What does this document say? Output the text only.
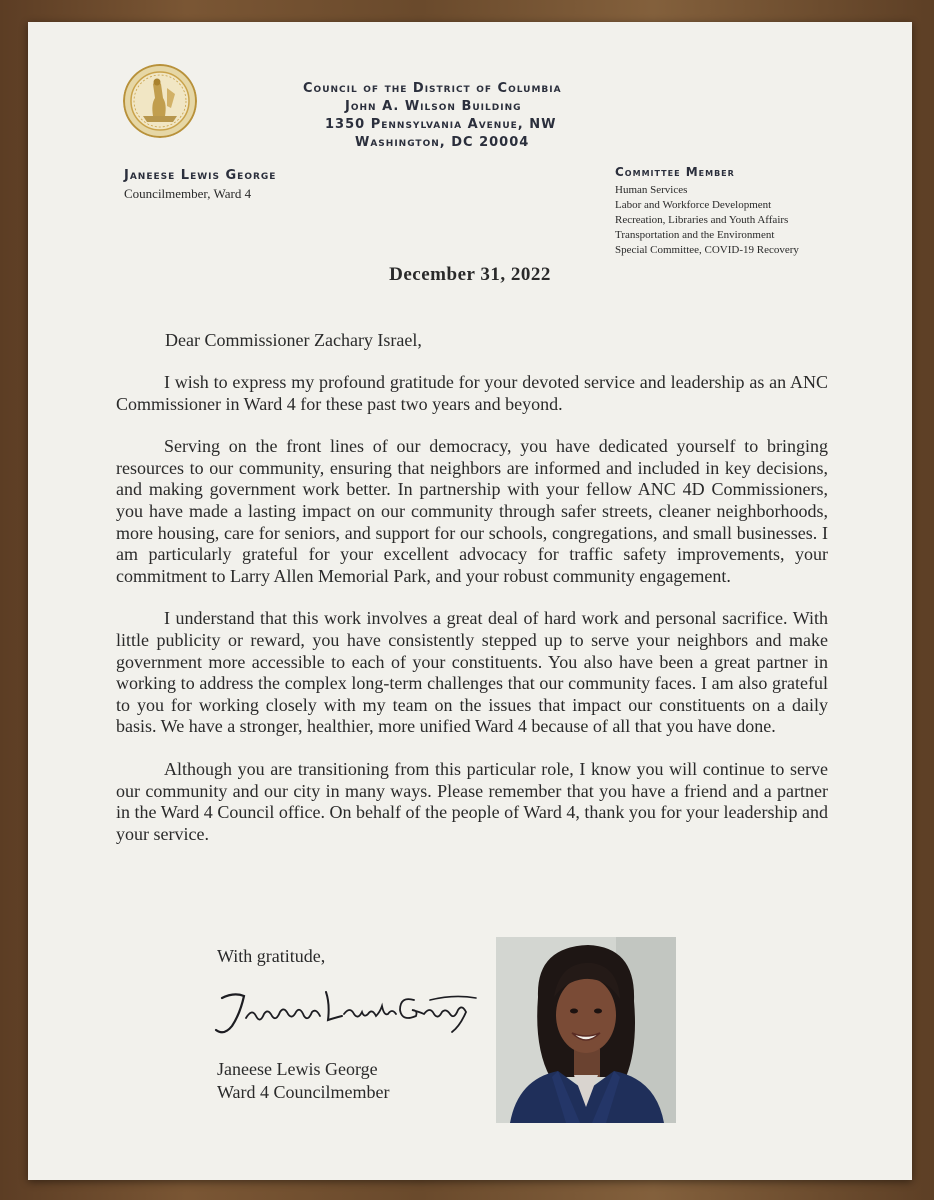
Council of the District of Columbia
John A. Wilson Building
1350 Pennsylvania Avenue, NW
Washington, DC 20004
Janeese Lewis George
Councilmember, Ward 4
Committee Member
Human Services
Labor and Workforce Development
Recreation, Libraries and Youth Affairs
Transportation and the Environment
Special Committee, COVID-19 Recovery
December 31, 2022
Dear Commissioner Zachary Israel,

I wish to express my profound gratitude for your devoted service and leadership as an ANC Commissioner in Ward 4 for these past two years and beyond.

Serving on the front lines of our democracy, you have dedicated yourself to bringing resources to our community, ensuring that neighbors are informed and included in key decisions, and making government work better. In partnership with your fellow ANC 4D Commissioners, you have made a lasting impact on our community through safer streets, cleaner neighborhoods, more housing, care for seniors, and support for our schools, congregations, and small businesses. I am particularly grateful for your excellent advocacy for traffic safety improvements, your commitment to Larry Allen Memorial Park, and your robust community engagement.

I understand that this work involves a great deal of hard work and personal sacrifice. With little publicity or reward, you have consistently stepped up to serve your neighbors and make government more accessible to each of your constituents. You also have been a great partner in working to address the complex long-term challenges that our community faces. I am also grateful to you for working closely with my team on the issues that impact our constituents on a daily basis. We have a stronger, healthier, more unified Ward 4 because of all that you have done.

Although you are transitioning from this particular role, I know you will continue to serve our community and our city in many ways. Please remember that you have a friend and a partner in the Ward 4 Council office. On behalf of the people of Ward 4, thank you for your leadership and your service.

With gratitude,
Janeese Lewis George
Ward 4 Councilmember
